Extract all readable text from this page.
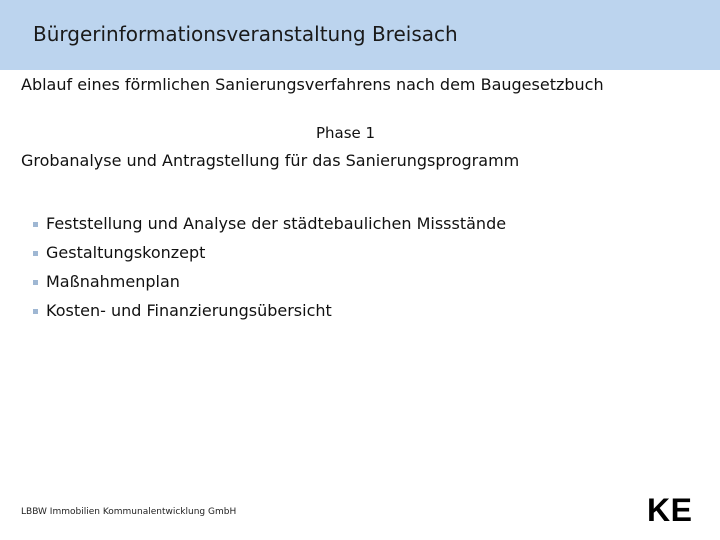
Bürgerinformationsveranstaltung Breisach
Ablauf eines förmlichen Sanierungsverfahrens nach dem Baugesetzbuch
Phase 1
Grobanalyse und Antragstellung für das Sanierungsprogramm
Feststellung und Analyse der städtebaulichen Missstände
Gestaltungskonzept
Maßnahmenplan
Kosten- und Finanzierungsübersicht
LBBW Immobilien Kommunalentwicklung GmbH	KE
